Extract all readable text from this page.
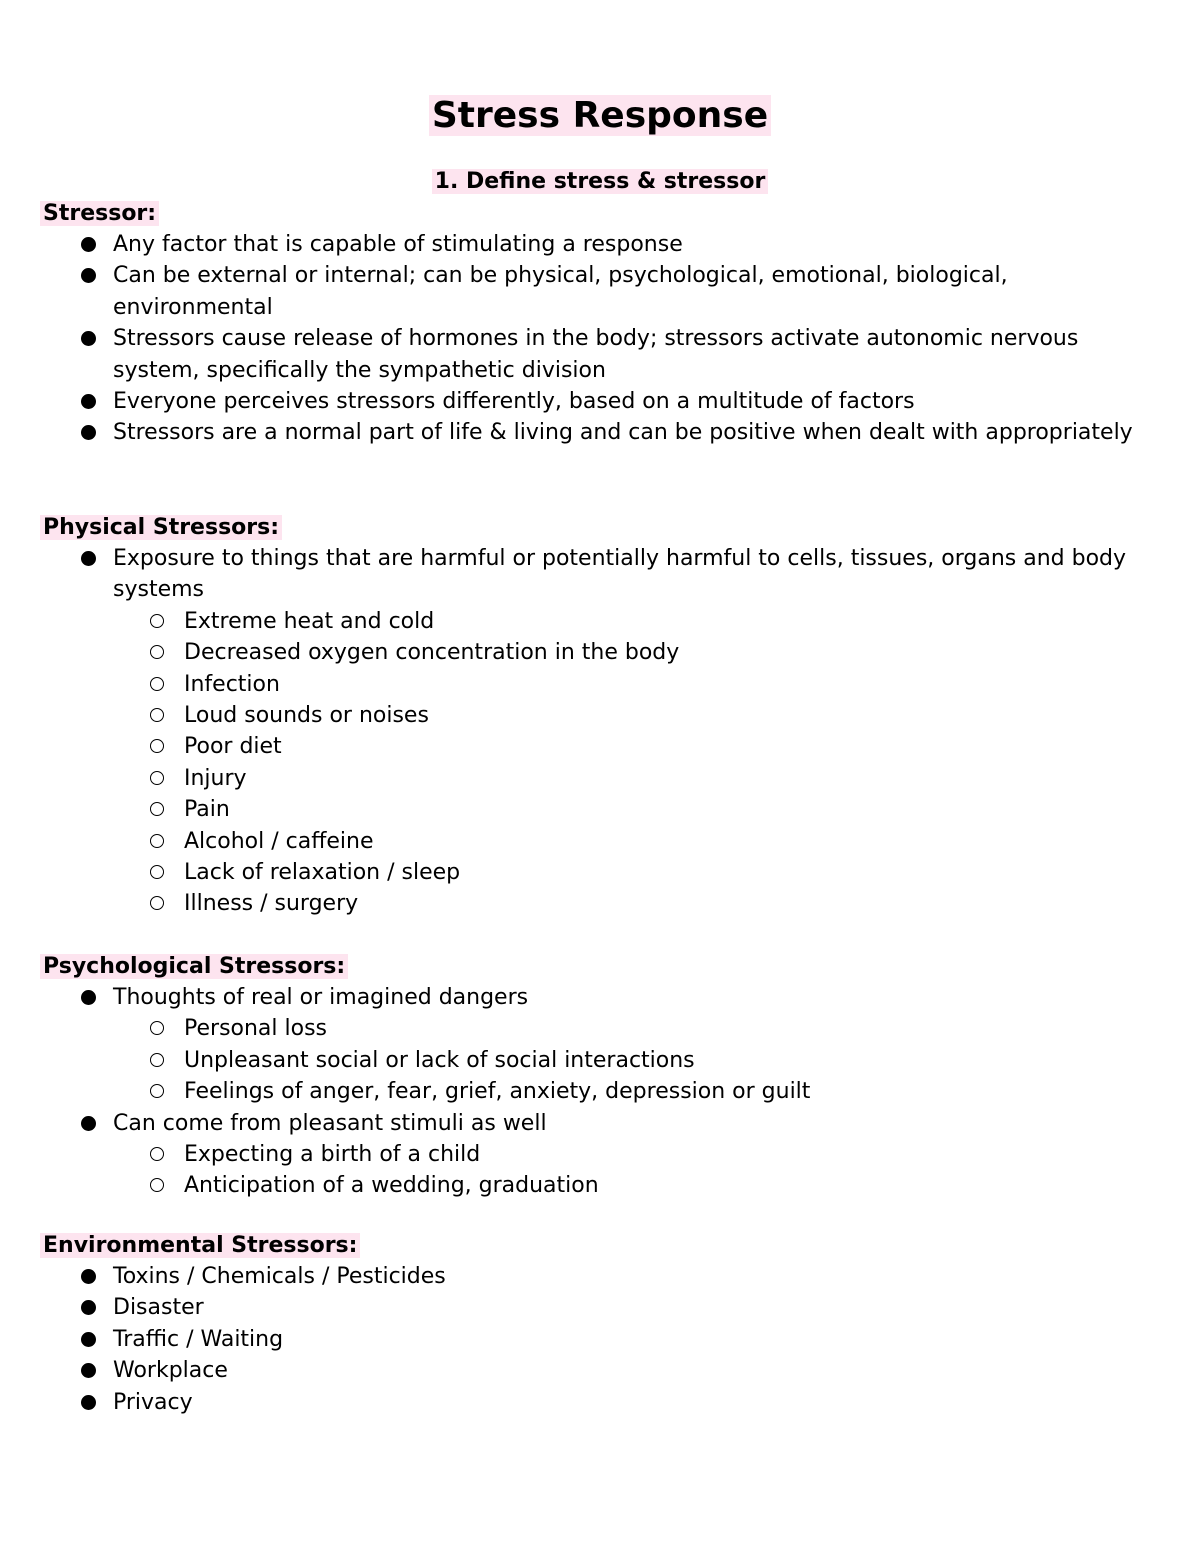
Stress Response
1. Define stress & stressor
Stressor:
Any factor that is capable of stimulating a response
Can be external or internal; can be physical, psychological, emotional, biological, environmental
Stressors cause release of hormones in the body; stressors activate autonomic nervous system, specifically the sympathetic division
Everyone perceives stressors differently, based on a multitude of factors
Stressors are a normal part of life & living and can be positive when dealt with appropriately
Physical Stressors:
Exposure to things that are harmful or potentially harmful to cells, tissues, organs and body systems
Extreme heat and cold
Decreased oxygen concentration in the body
Infection
Loud sounds or noises
Poor diet
Injury
Pain
Alcohol / caffeine
Lack of relaxation / sleep
Illness / surgery
Psychological Stressors:
Thoughts of real or imagined dangers
Personal loss
Unpleasant social or lack of social interactions
Feelings of anger, fear, grief, anxiety, depression or guilt
Can come from pleasant stimuli as well
Expecting a birth of a child
Anticipation of a wedding, graduation
Environmental Stressors:
Toxins / Chemicals / Pesticides
Disaster
Traffic / Waiting
Workplace
Privacy
